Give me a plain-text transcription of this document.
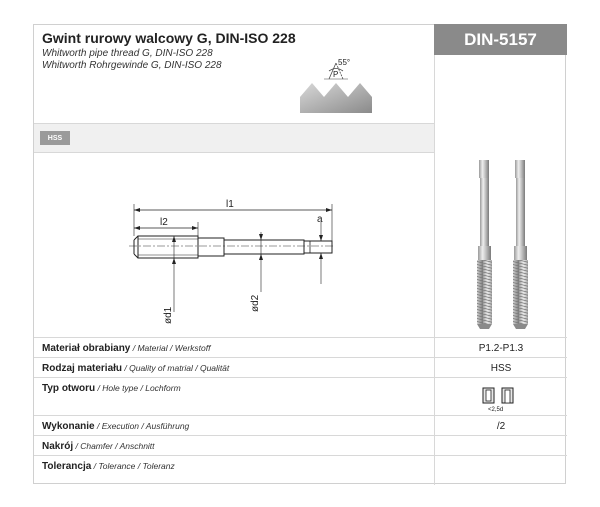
Gwint rurowy walcowy G, DIN-ISO 228
Whitworth pipe thread G, DIN-ISO 228
Whitworth Rohrgewinde G, DIN-ISO 228	55°
P
DIN-5157
HSS
l1
l2	a
ød1
ød2
Materiał obrabiany / Material / Werkstoff	P1.2-P1.3
Rodzaj materiału / Quality of matrial / Qualität	HSS
Typ otworu / Hole type / Lochform
<2,5d
Wykonanie / Execution / Ausführung	/2
Nakrój / Chamfer / Anschnitt
Tolerancja / Tolerance / Toleranz
